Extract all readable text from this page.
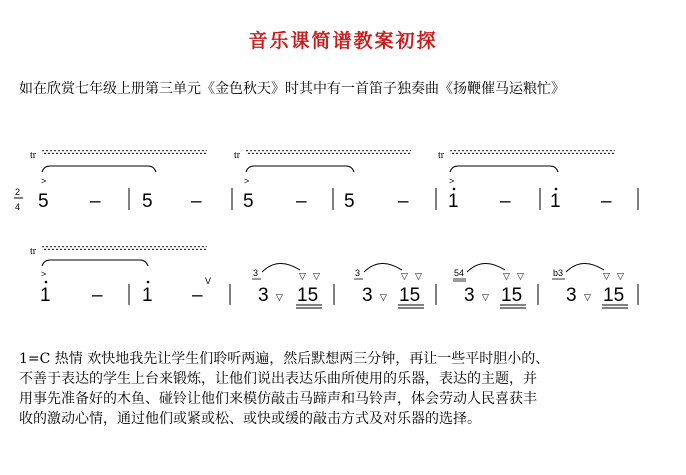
音乐课简谱教案初探
如在欣赏七年级上册第三单元《金色秋天》时其中有一首笛子独奏曲《扬鞭催马运粮忙》
2
4
tr
>
tr
>
tr
>
5 – 5 – 5 – 5 – 1 – 1 –
tr
>
1 – 1 –
V
3
3 ▽
▽ ▽
15
3
3 ▽
▽ ▽
15
54
3 ▽
▽ ▽
15
b3
3 ▽
▽ ▽
15
1=C 热情 欢快地我先让学生们聆听两遍，然后默想两三分钟，再让一些平时胆小的、
不善于表达的学生上台来锻炼，让他们说出表达乐曲所使用的乐器，表达的主题，并
用事先准备好的木鱼、碰铃让他们来模仿敲击马蹄声和马铃声，体会劳动人民喜获丰
收的激动心情，通过他们或紧或松、或快或缓的敲击方式及对乐器的选择。
